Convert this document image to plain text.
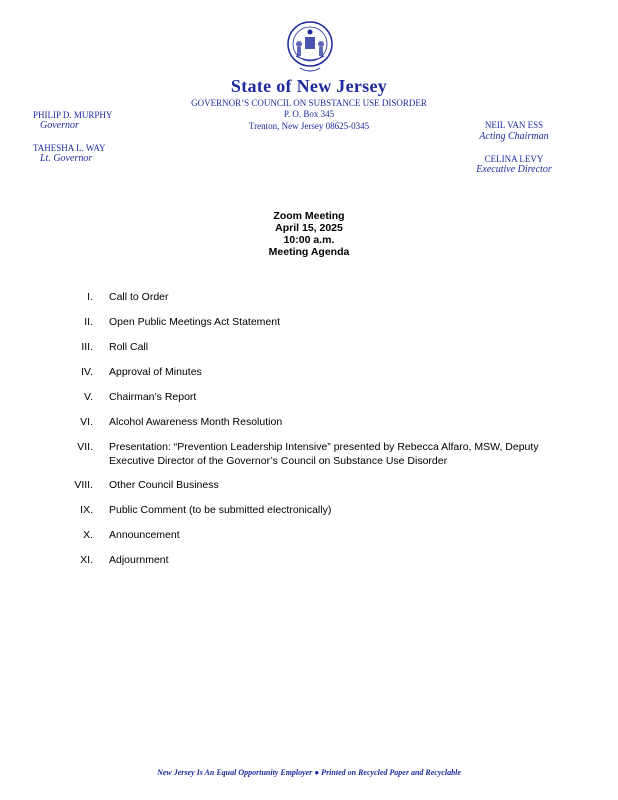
State of New Jersey
GOVERNOR’S COUNCIL ON SUBSTANCE USE DISORDER
P. O. Box 345
Trenton, New Jersey 08625-0345
PHILIP D. MURPHY
Governor
TAHESHA L. WAY
Lt. Governor
NEIL VAN ESS
Acting Chairman
CELINA LEVY
Executive Director
Zoom Meeting
April 15, 2025
10:00 a.m.
Meeting Agenda
I. Call to Order
II. Open Public Meetings Act Statement
III. Roll Call
IV. Approval of Minutes
V. Chairman’s Report
VI. Alcohol Awareness Month Resolution
VII. Presentation: “Prevention Leadership Intensive” presented by Rebecca Alfaro, MSW, Deputy Executive Director of the Governor’s Council on Substance Use Disorder
VIII. Other Council Business
IX. Public Comment (to be submitted electronically)
X. Announcement
XI. Adjournment
New Jersey Is An Equal Opportunity Employer ● Printed on Recycled Paper and Recyclable
